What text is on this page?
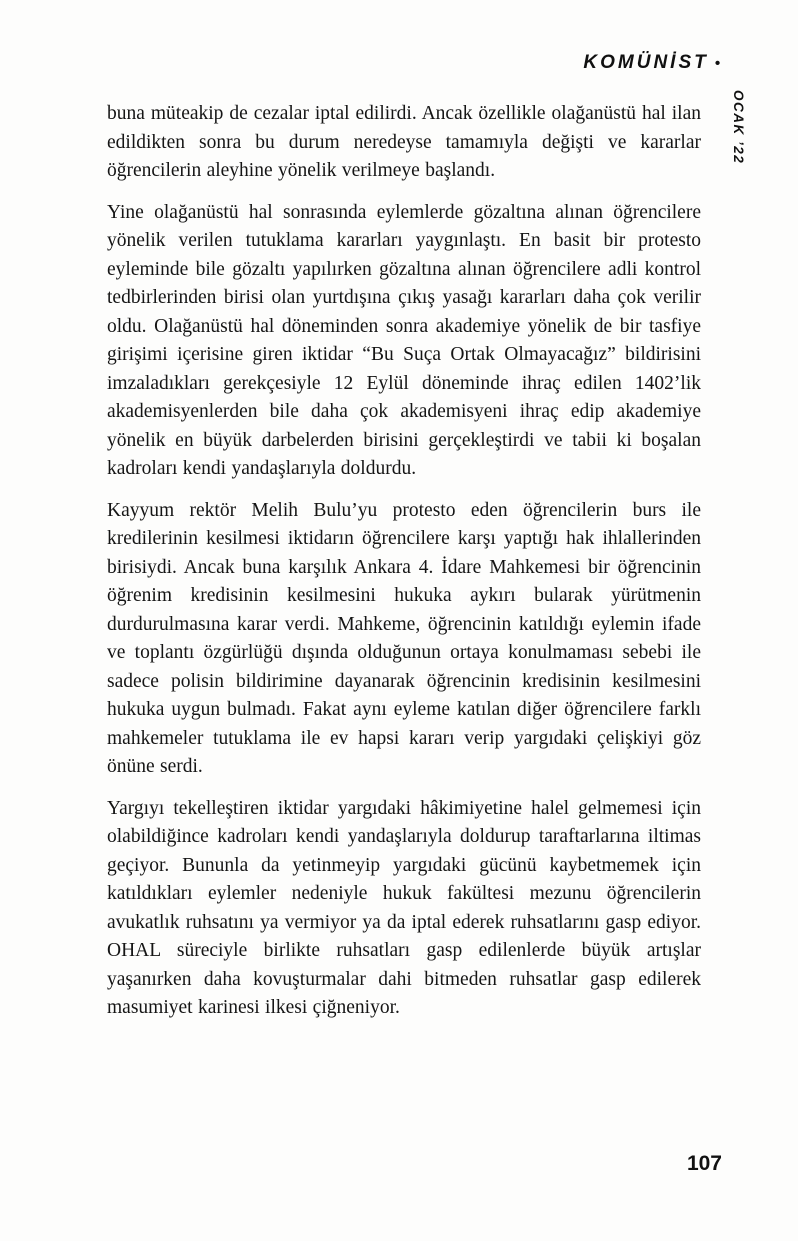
KOMÜNİST •
OCAK ’22

buna müteakip de cezalar iptal edilirdi. Ancak özellikle olağanüstü hal ilan edildikten sonra bu durum neredeyse tamamıyla değişti ve kararlar öğrencilerin aleyhine yönelik verilmeye başlandı.

Yine olağanüstü hal sonrasında eylemlerde gözaltına alınan öğrencilere yönelik verilen tutuklama kararları yaygınlaştı. En basit bir protesto eyleminde bile gözaltı yapılırken gözaltına alınan öğrencilere adli kontrol tedbirlerinden birisi olan yurtdışına çıkış yasağı kararları daha çok verilir oldu. Olağanüstü hal döneminden sonra akademiye yönelik de bir tasfiye girişimi içerisine giren iktidar “Bu Suça Ortak Olmayacağız” bildirisini imzaladıkları gerekçesiyle 12 Eylül döneminde ihraç edilen 1402’lik akademisyenlerden bile daha çok akademisyeni ihraç edip akademiye yönelik en büyük darbelerden birisini gerçekleştirdi ve tabii ki boşalan kadroları kendi yandaşlarıyla doldurdu.

Kayyum rektör Melih Bulu’yu protesto eden öğrencilerin burs ile kredilerinin kesilmesi iktidarın öğrencilere karşı yaptığı hak ihlallerinden birisiydi. Ancak buna karşılık Ankara 4. İdare Mahkemesi bir öğrencinin öğrenim kredisinin kesilmesini hukuka aykırı bularak yürütmenin durdurulmasına karar verdi. Mahkeme, öğrencinin katıldığı eylemin ifade ve toplantı özgürlüğü dışında olduğunun ortaya konulmaması sebebi ile sadece polisin bildirimine dayanarak öğrencinin kredisinin kesilmesini hukuka uygun bulmadı. Fakat aynı eyleme katılan diğer öğrencilere farklı mahkemeler tutuklama ile ev hapsi kararı verip yargıdaki çelişkiyi göz önüne serdi.

Yargıyı tekelleştiren iktidar yargıdaki hâkimiyetine halel gelmemesi için olabildiğince kadroları kendi yandaşlarıyla doldurup taraftarlarına iltimas geçiyor. Bununla da yetinmeyip yargıdaki gücünü kaybetmemek için katıldıkları eylemler nedeniyle hukuk fakültesi mezunu öğrencilerin avukatlık ruhsatını ya vermiyor ya da iptal ederek ruhsatlarını gasp ediyor. OHAL süreciyle birlikte ruhsatları gasp edilenlerde büyük artışlar yaşanırken daha kovuşturmalar dahi bitmeden ruhsatlar gasp edilerek masumiyet karinesi ilkesi çiğneniyor.

107
